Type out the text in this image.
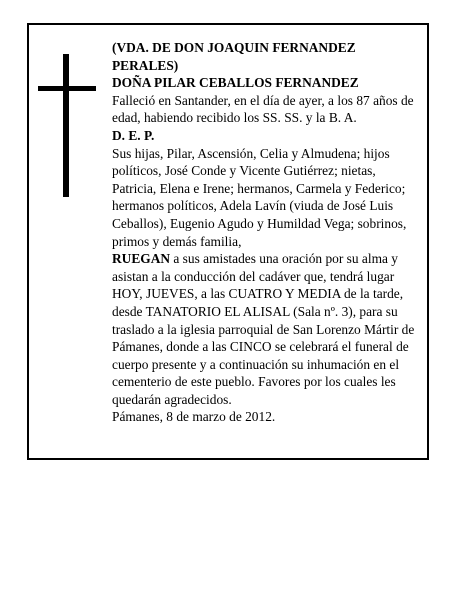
(VDA. DE DON JOAQUIN FERNANDEZ PERALES)

DOÑA PILAR CEBALLOS FERNANDEZ

Falleció en Santander, en el día de ayer, a los 87 años de edad, habiendo recibido los SS. SS. y la B. A.

D. E. P.

Sus hijas, Pilar, Ascensión, Celia y Almudena; hijos políticos, José Conde y Vicente Gutiérrez; nietas, Patricia, Elena e Irene; hermanos, Carmela y Federico; hermanos políticos, Adela Lavín (viuda de José Luis Ceballos), Eugenio Agudo y Humildad Vega; sobrinos, primos y demás familia,

RUEGAN a sus amistades una oración por su alma y asistan a la conducción del cadáver que, tendrá lugar HOY, JUEVES, a las CUATRO Y MEDIA de la tarde, desde TANATORIO EL ALISAL (Sala nº. 3), para su traslado a la iglesia parroquial de San Lorenzo Mártir de Pámanes, donde a las CINCO se celebrará el funeral de cuerpo presente y a continuación su inhumación en el cementerio de este pueblo. Favores por los cuales les quedarán agradecidos.

Pámanes, 8 de marzo de 2012.
